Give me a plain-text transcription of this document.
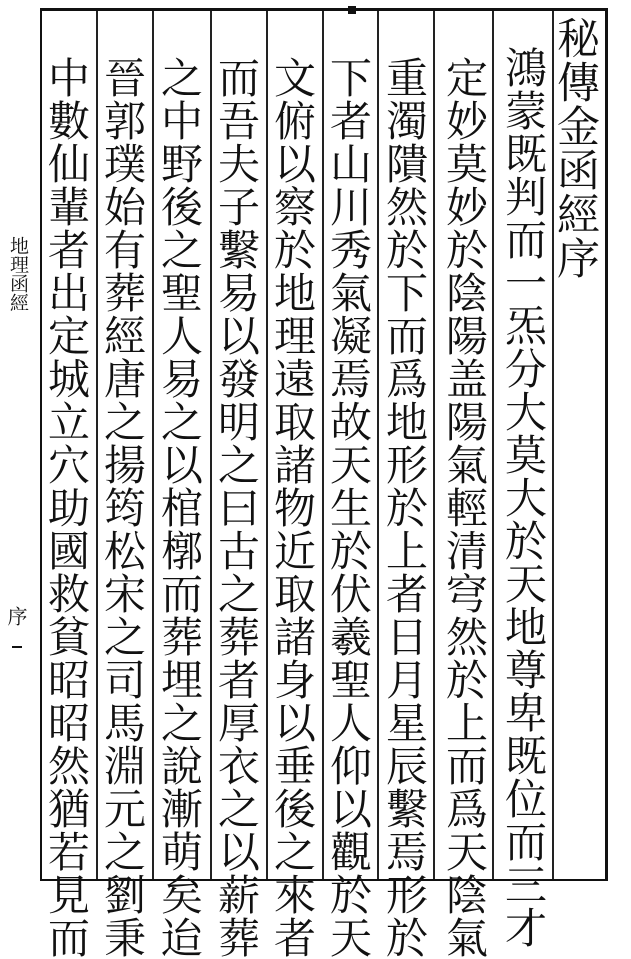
秘傳金函經序
鴻蒙既判而一炁分大莫大於天地尊卑既位而三才
定妙莫妙於陰陽盖陽氣輕清穹然於上而爲天陰氣
重濁隤然於下而爲地形於上者日月星辰繫焉形於
下者山川秀氣凝焉故天生於伏羲聖人仰以觀於天
文俯以察於地理遠取諸物近取諸身以垂後之來者
而吾夫子繫易以發明之曰古之葬者厚衣之以薪葬
之中野後之聖人易之以棺槨而葬埋之說漸萌矣迨
晉郭璞始有葬經唐之揚筠松宋之司馬淵元之劉秉
中數仙輩者出定城立穴助國救貧昭昭然猶若見而
地理函經
序
